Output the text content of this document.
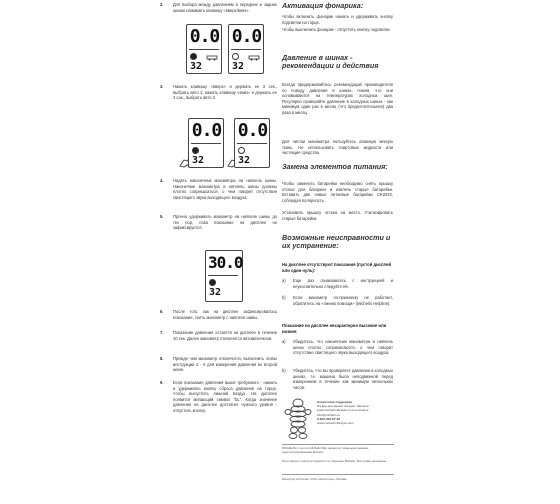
2. Для выбора между давлением в передних и задних шинах нажимать клавишу «вверх/вниз».
0.0
32
0.0
32
3. Нажать клавишу «вверх» и держать ее 3 сек., выбрать авто 1; нажать клавишу «вниз» и держать ее 3 сек., выбрать авто 2.
0.0
32
0.0
32
4. Надеть наконечник манометра на ниппель шины. Наконечник манометра и ниппель шины должны плотно соприкасаться, о чем говорит отсутствие свистящего звука выходящего воздуха.
5. Прочно удерживать манометр на ниппеле шины до тех пор, пока показание на дисплее не зафиксируется.
30.0
32
6. После того, как на дисплее зафиксировалось показание, снять манометр с ниппеля шины.
7. Показание давления остается на дисплее в течение 10 сек. Далее манометр отключится автоматически.
8. Прежде чем манометр отключится, выполнить этапы инструкции 2 - 6 для измерения давления во второй шине.
9. Если показание давления выше требуемого - нажать и удерживать кнопку сброса давления на торце, чтобы выпустить лишний воздух. На дисплее появится мигающий символ "bL". Когда значение давления на дисплее достигнет нужного уровня - отпустить кнопку.
Активация фонарика:
Чтобы включить фонарик нажать и удерживать кнопку подсветки на торце.
Чтобы выключить фонарик - отпустить кнопку подсветки.
Давление в шинах - рекомендации и действия
Всегда придерживайтесь рекомендаций производителя по поводу давления в шинах, помня, что они основываются на температурах холодных шин. Регулярно проверяйте давление в холодных шинах - как минимум один раз в месяц (что предпочтительнее) два раза в месяц.
Для чистки манометра пользуйтесь влажную мягкую ткань. Не использовать спиртовые жидкости или чистящие средства.
Замена элементов питания:
Чтобы заменить батарейки необходимо снять крышку отсека для батареек и извлечь старые батарейки. Вставить две новые литиевые батарейки CR2032, соблюдая полярность.
Установить крышку отсека на место. Утилизировать старые батарейки.
Возможные неисправности и их устранение:
На дисплее отсутствуют показания (пустой дисплей или один нуль):
a) Еще раз ознакомьтесь с инструкцией и неукоснительно следуйте ей.
b) Если манометр по-прежнему не работает, обратитесь на «линию помощи» (Michelin Helpline).
Показание на дисплее нехарактерно высокие или низкие:
a) Убедитесь, что наконечник манометра и ниппель шины плотно соприкасаются, о чем говорит отсутствие свистящего звука выходящего воздуха.
b) Убедитесь, что вы проверяете давление в холодных шинах, т.е. машина была неподвижной перед измерением в течение как минимум нескольких часов.
Клиентская поддержка
На всё для вашей поездки. Звоните: www.michelin-lifestyle.ru или пишите: info@michelin.ru
8-800-333-87-46
www.michelin-lifestyle.com
MICHELIN и логотип Michelin Man являются товарными знаками, зарегистрированными Michelin.
Изготовлено и распространяется по лицензии Michelin. Все права защищены.
Импортер в Россию: ООО «Автостиль», Москва.
